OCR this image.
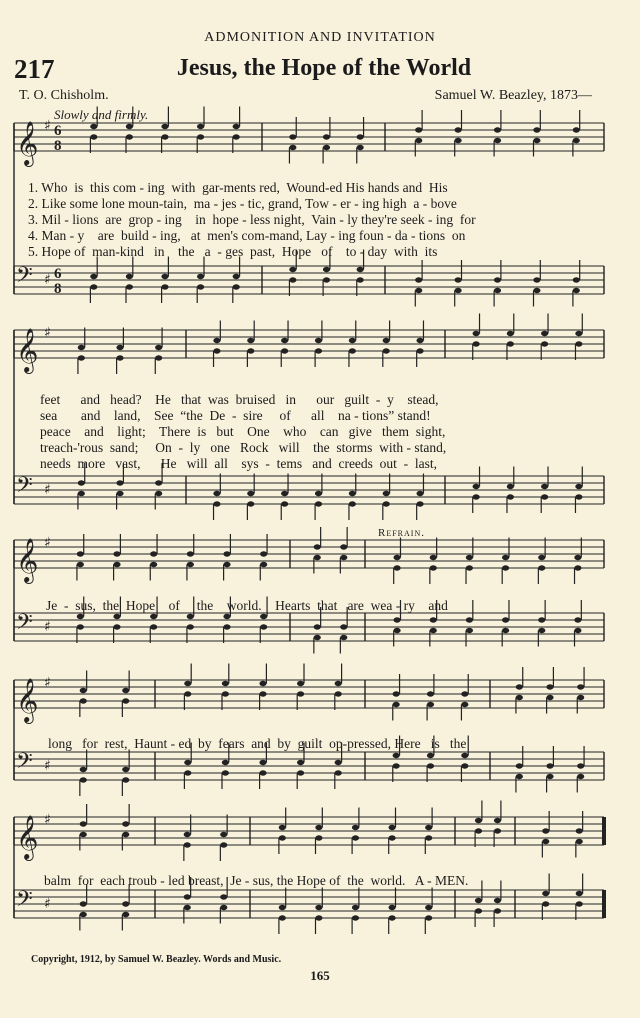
ADMONITION AND INVITATION
217	Jesus, the Hope of the World
T. O. Chisholm.	Samuel W. Beazley, 1873—
Slowly and firmly.
𝄞 ♯ 6
8
𝄢 ♯ 6
8
𝄞 ♯
𝄢 ♯
𝄞 ♯
𝄢 ♯
𝄞 ♯
𝄢 ♯
𝄞 ♯
𝄢 ♯
1. Who  is  this com - ing  with  gar-ments red,  Wound-ed His hands and  His
2. Like some lone moun-tain,  ma - jes - tic, grand, Tow - er - ing high  a - bove
3. Mil - lions  are  grop - ing    in  hope - less night,  Vain - ly they're seek - ing  for
4. Man - y    are  build - ing,   at  men's com-mand, Lay - ing foun - da - tions  on
5. Hope of  man-kind   in    the   a  - ges  past,  Hope   of    to - day  with  its
feet      and   head?    He   that  was  bruised   in      our   guilt  -  y    stead,
sea       and    land,    See  “the  De  -  sire     of      all    na - tions” stand!
peace    and    light;    There  is   but    One    who    can   give   them  sight,
treach-'rous  sand;     On  -  ly   one   Rock   will    the  storms  with - stand,
needs  more   vast,      He   will  all    sys  -  tems   and  creeds  out  -  last,
Refrain.
Je  -  sus,  the  Hope    of     the    world.    Hearts  that   are  wea - ry    and
long   for  rest,  Haunt - ed  by  fears  and  by  guilt  op-pressed, Here   is   the
balm  for  each troub - led breast,  Je - sus, the Hope of  the  world.   A - MEN.
Copyright, 1912, by Samuel W. Beazley. Words and Music.
165
